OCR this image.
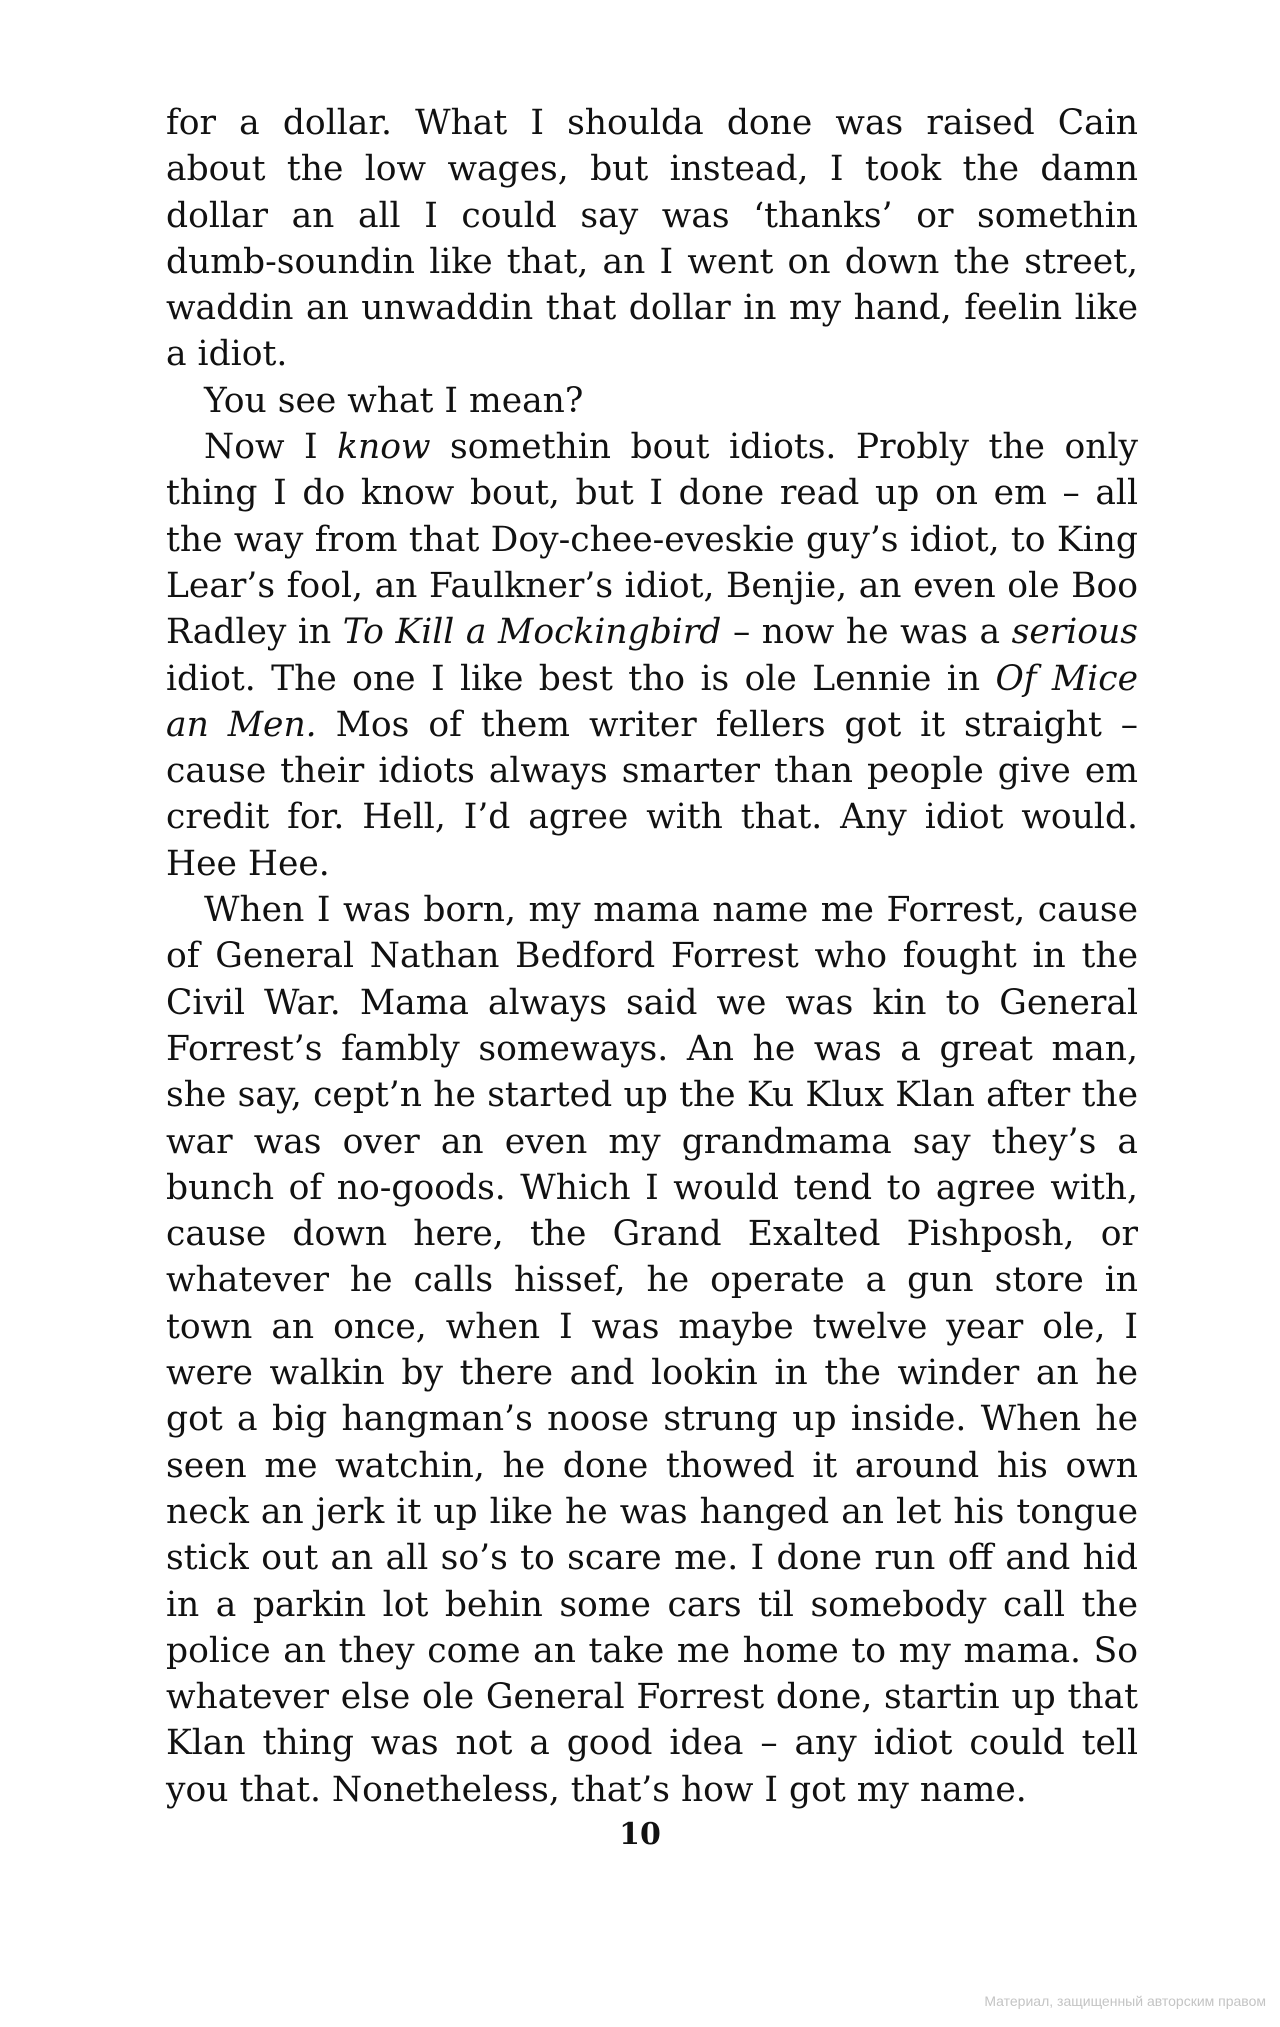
for a dollar. What I shoulda done was raised Cain about the low wages, but instead, I took the damn dollar an all I could say was ‘thanks’ or somethin dumb-soundin like that, an I went on down the street, waddin an unwaddin that dollar in my hand, feelin like a idiot.

You see what I mean?

Now I know somethin bout idiots. Probly the only thing I do know bout, but I done read up on em – all the way from that Doy-chee-eveskie guy’s idiot, to King Lear’s fool, an Faulkner’s idiot, Benjie, an even ole Boo Radley in To Kill a Mockingbird – now he was a serious idiot. The one I like best tho is ole Lennie in Of Mice an Men. Mos of them writer fellers got it straight – cause their idiots always smarter than people give em credit for. Hell, I’d agree with that. Any idiot would. Hee Hee.

When I was born, my mama name me Forrest, cause of General Nathan Bedford Forrest who fought in the Civil War. Mama always said we was kin to General Forrest’s fambly someways. An he was a great man, she say, cept’n he started up the Ku Klux Klan after the war was over an even my grandmama say they’s a bunch of no-goods. Which I would tend to agree with, cause down here, the Grand Exalted Pishposh, or whatever he calls hissef, he operate a gun store in town an once, when I was maybe twelve year ole, I were walkin by there and lookin in the winder an he got a big hangman’s noose strung up inside. When he seen me watchin, he done thowed it around his own neck an jerk it up like he was hanged an let his tongue stick out an all so’s to scare me. I done run off and hid in a parkin lot behin some cars til somebody call the police an they come an take me home to my mama. So whatever else ole General Forrest done, startin up that Klan thing was not a good idea – any idiot could tell you that. Nonetheless, that’s how I got my name.

10
Материал, защищенный авторским правом
